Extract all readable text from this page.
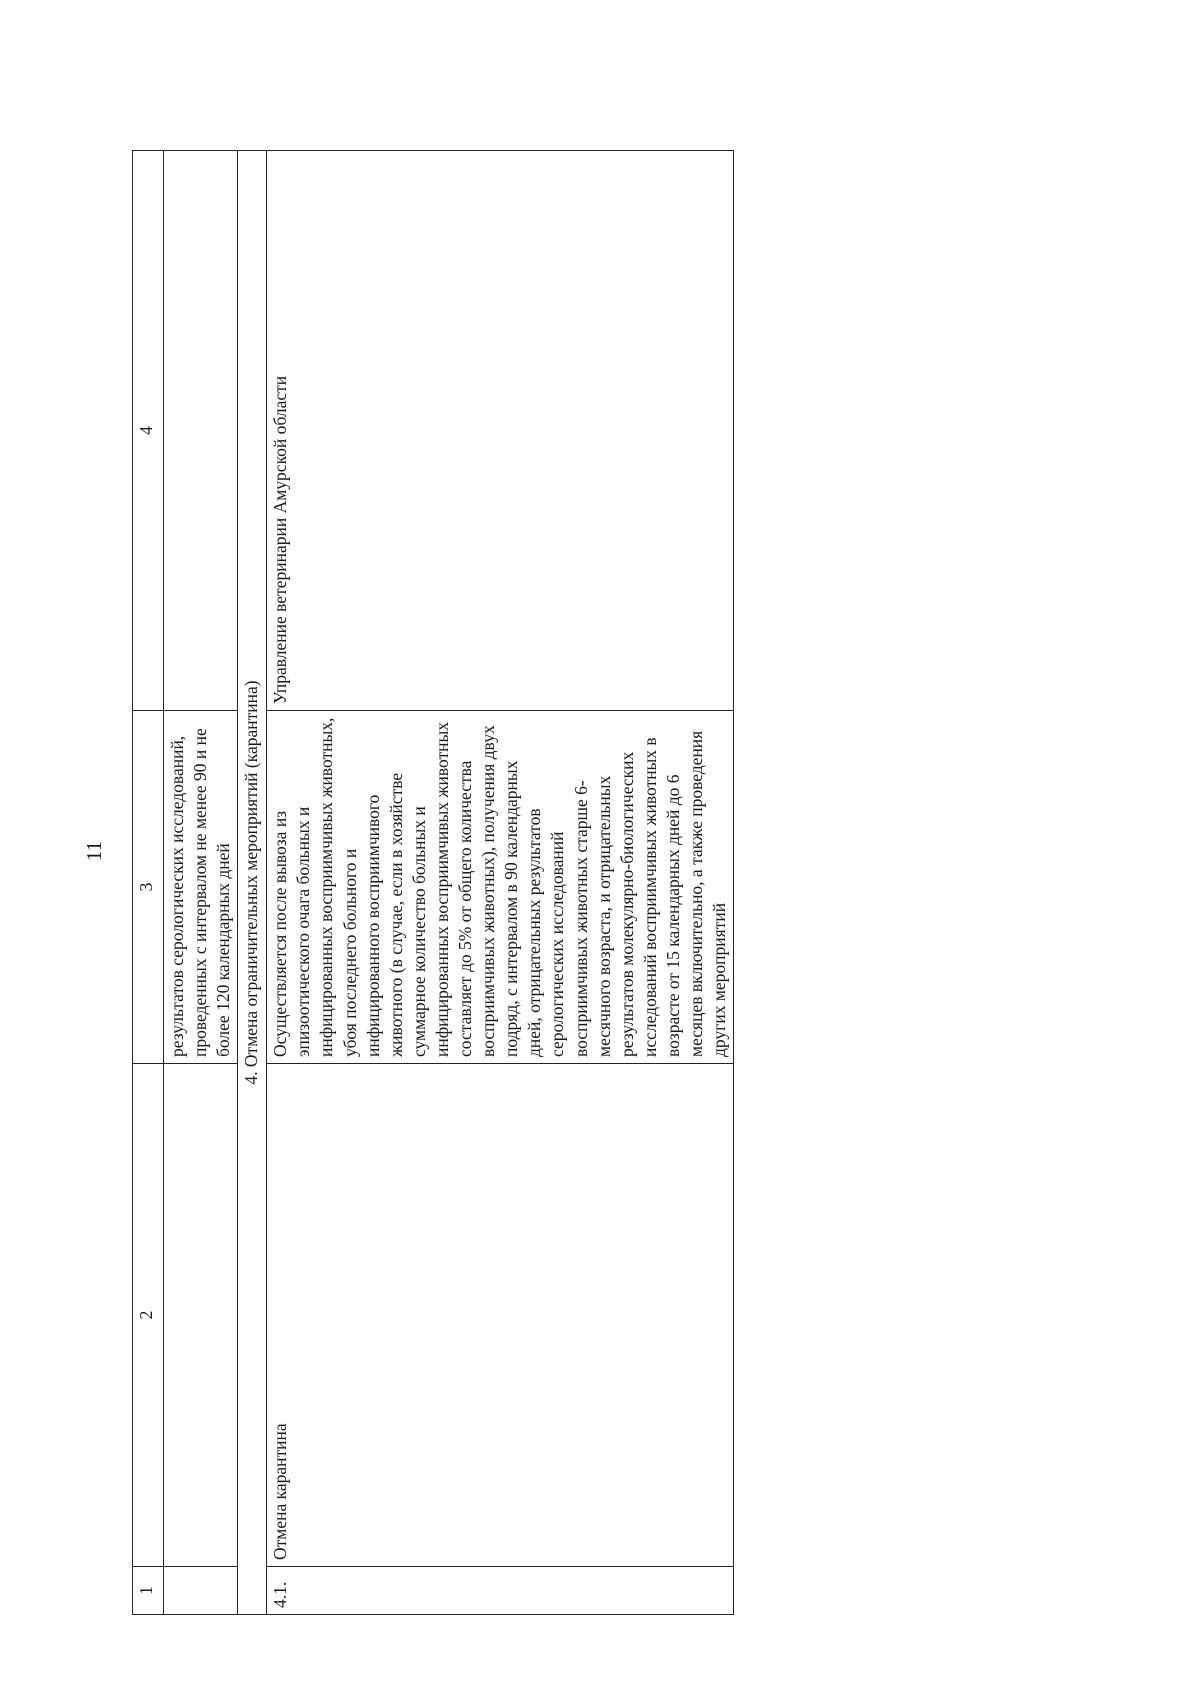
11
1	2	3	4
		результатов серологических исследований, проведенных с интервалом не менее 90 и не более 120 календарных дней	
4. Отмена ограничительных мероприятий (карантина)			
4.1.	Отмена карантина	Осуществляется после вывоза из эпизоотического очага больных и инфицированных восприимчивых животных, убоя последнего больного и инфицированного восприимчивого животного (в случае, если в хозяйстве суммарное количество больных и инфицированных восприимчивых животных составляет до 5% от общего количества восприимчивых животных), получения двух подряд, с интервалом в 90 календарных дней, отрицательных результатов серологических исследований восприимчивых животных старше 6-месячного возраста, и отрицательных результатов молекулярно-биологических исследований восприимчивых животных в возрасте от 15 календарных дней до 6 месяцев включительно, а также проведения других мероприятий	Управление ветеринарии Амурской области
